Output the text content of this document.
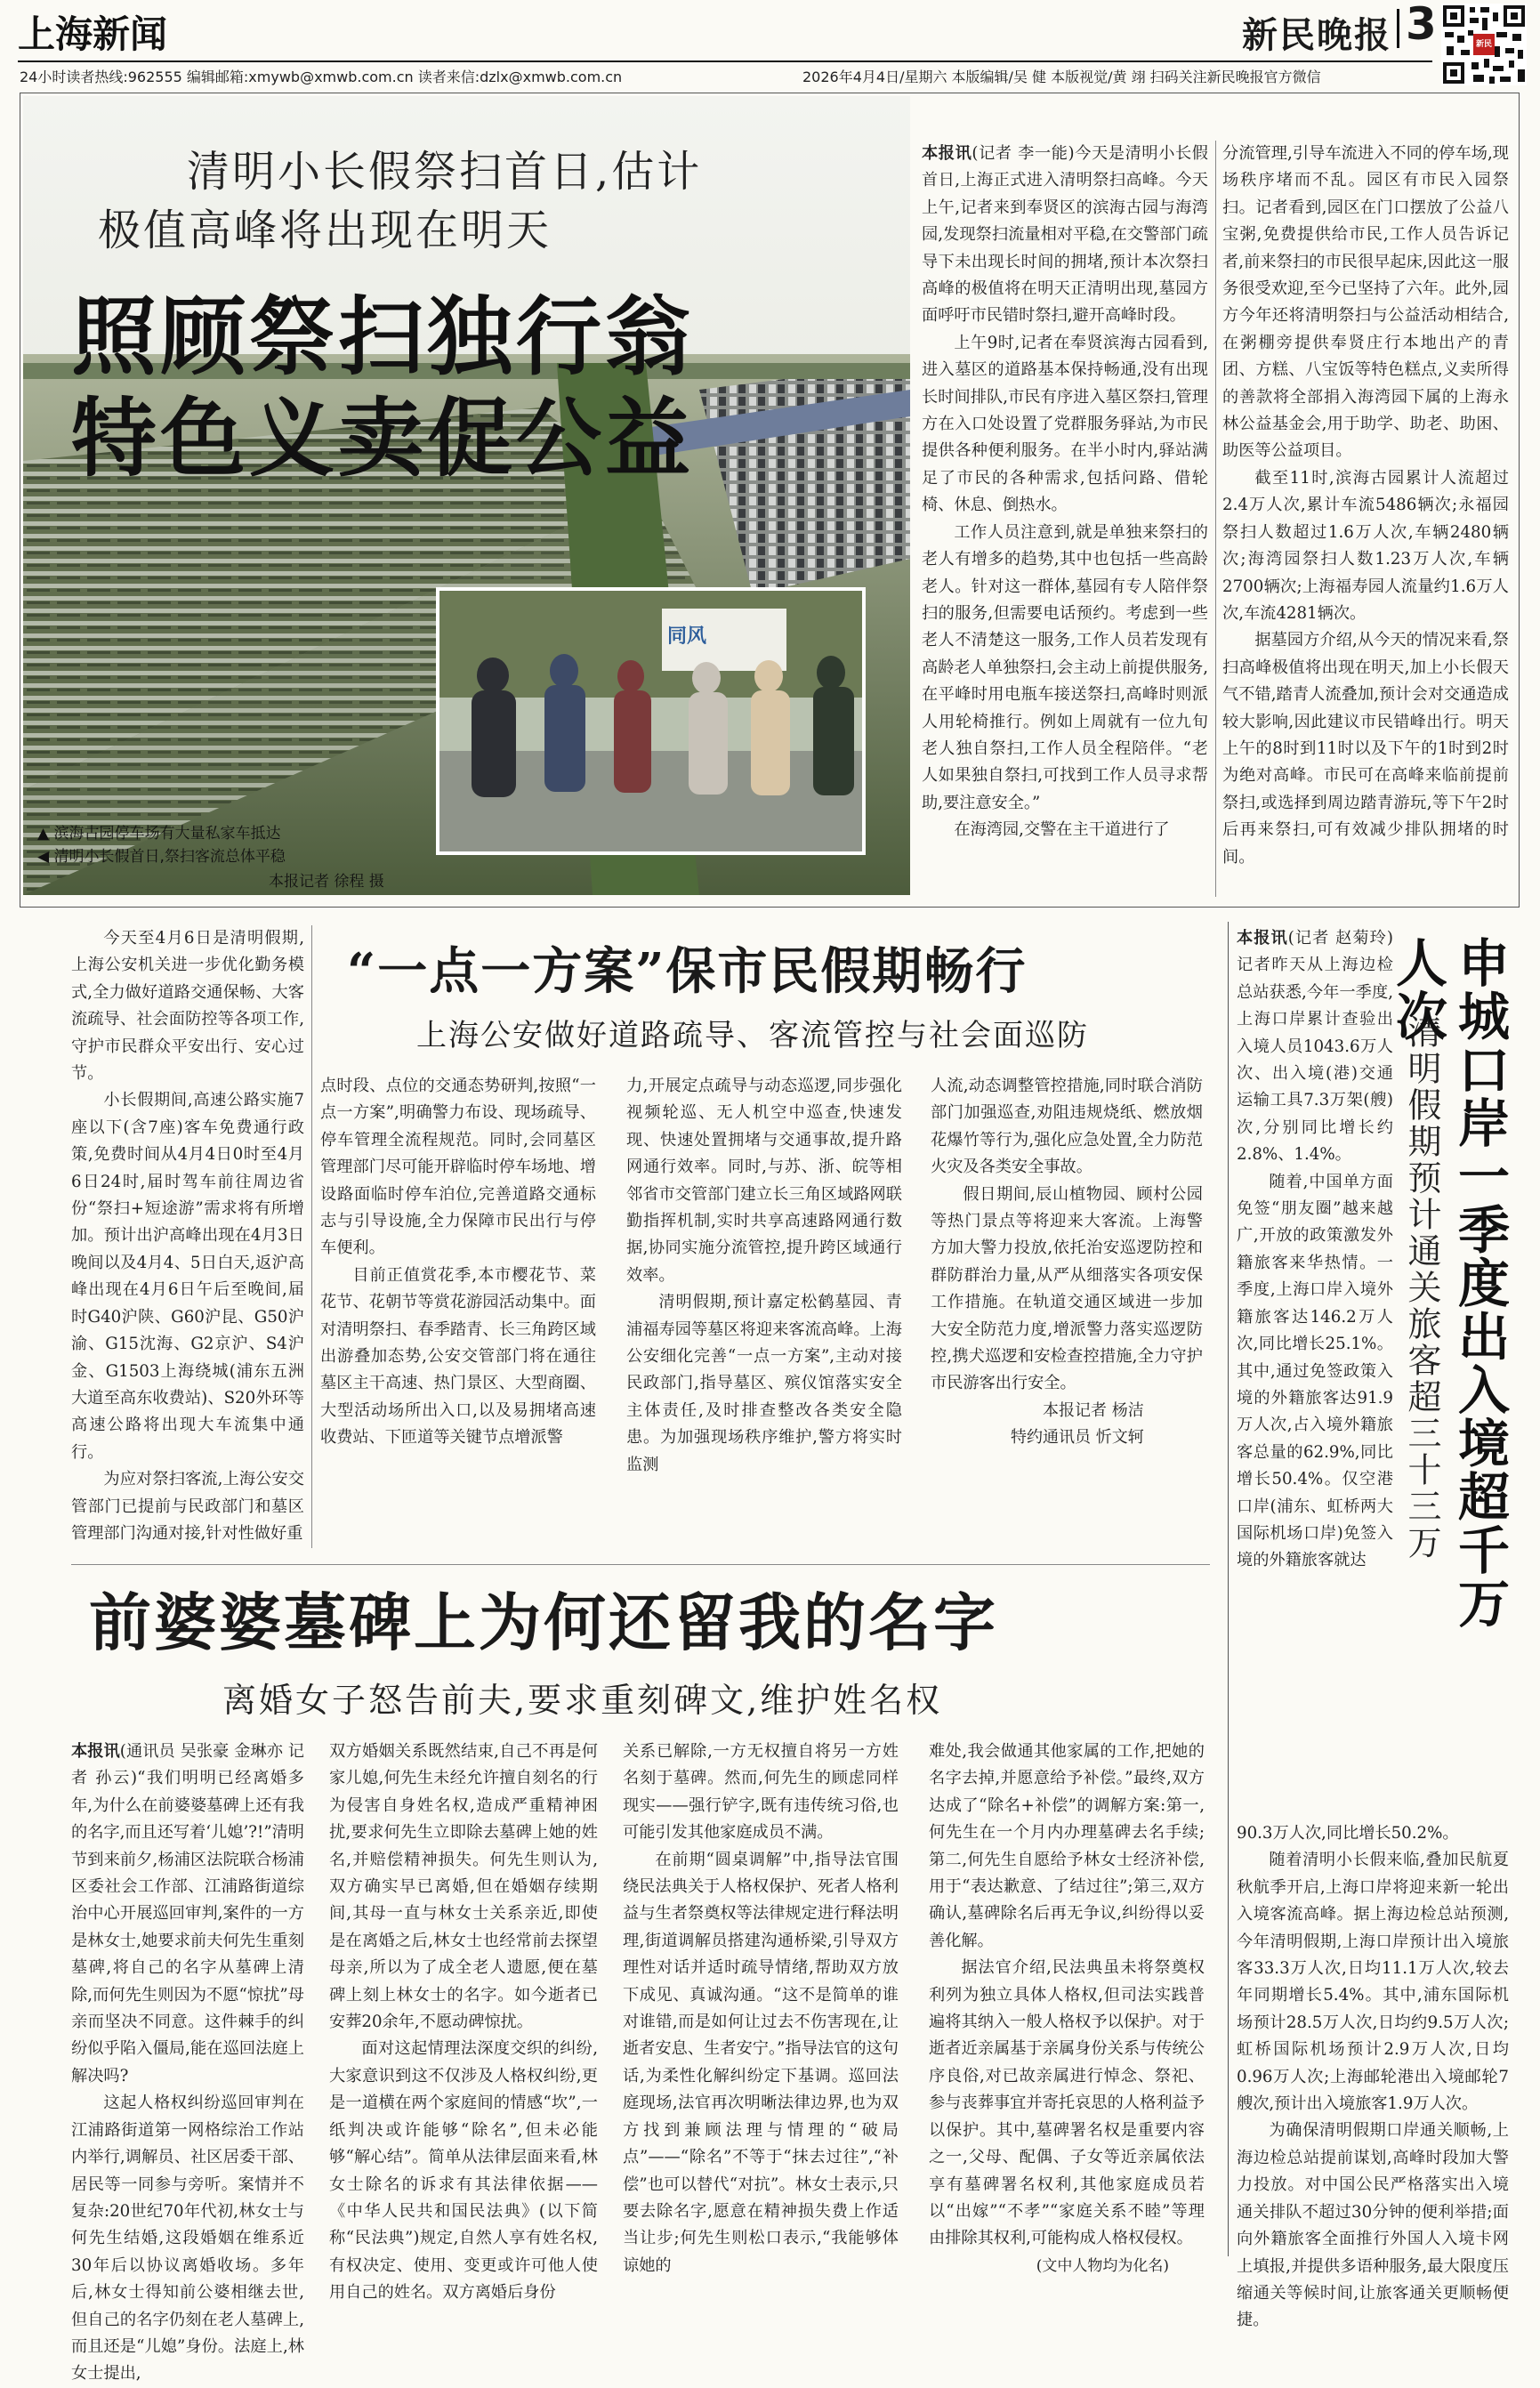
上海新闻	新民晚报 3	新民
24小时读者热线:962555 编辑邮箱:xmywb@xmwb.com.cn 读者来信:dzlx@xmwb.com.cn	2026年4月4日/星期六 本版编辑/吴 健 本版视觉/黄 翊 扫码关注新民晚报官方微信
清明小长假祭扫首日,估计
极值高峰将出现在明天
照顾祭扫独行翁
特色义卖促公益
同风
▲ 滨海古园停车场有大量私家车抵达
◀ 清明小长假首日,祭扫客流总体平稳
本报记者 徐程 摄

本报讯(记者 李一能)今天是清明小长假首日,上海正式进入清明祭扫高峰。今天上午,记者来到奉贤区的滨海古园与海湾园,发现祭扫流量相对平稳,在交警部门疏导下未出现长时间的拥堵,预计本次祭扫高峰的极值将在明天正清明出现,墓园方面呼吁市民错时祭扫,避开高峰时段。

上午9时,记者在奉贤滨海古园看到,进入墓区的道路基本保持畅通,没有出现长时间排队,市民有序进入墓区祭扫,管理方在入口处设置了党群服务驿站,为市民提供各种便利服务。在半小时内,驿站满足了市民的各种需求,包括问路、借轮椅、休息、倒热水。

工作人员注意到,就是单独来祭扫的老人有增多的趋势,其中也包括一些高龄老人。针对这一群体,墓园有专人陪伴祭扫的服务,但需要电话预约。考虑到一些老人不清楚这一服务,工作人员若发现有高龄老人单独祭扫,会主动上前提供服务,在平峰时用电瓶车接送祭扫,高峰时则派人用轮椅推行。例如上周就有一位九旬老人独自祭扫,工作人员全程陪伴。“老人如果独自祭扫,可找到工作人员寻求帮助,要注意安全。”

在海湾园,交警在主干道进行了

分流管理,引导车流进入不同的停车场,现场秩序堵而不乱。园区有市民入园祭扫。记者看到,园区在门口摆放了公益八宝粥,免费提供给市民,工作人员告诉记者,前来祭扫的市民很早起床,因此这一服务很受欢迎,至今已坚持了六年。此外,园方今年还将清明祭扫与公益活动相结合,在粥棚旁提供奉贤庄行本地出产的青团、方糕、八宝饭等特色糕点,义卖所得的善款将全部捐入海湾园下属的上海永林公益基金会,用于助学、助老、助困、助医等公益项目。

截至11时,滨海古园累计人流超过2.4万人次,累计车流5486辆次;永福园祭扫人数超过1.6万人次,车辆2480辆次;海湾园祭扫人数1.23万人次,车辆2700辆次;上海福寿园人流量约1.6万人次,车流4281辆次。

据墓园方介绍,从今天的情况来看,祭扫高峰极值将出现在明天,加上小长假天气不错,踏青人流叠加,预计会对交通造成较大影响,因此建议市民错峰出行。明天上午的8时到11时以及下午的1时到2时为绝对高峰。市民可在高峰来临前提前祭扫,或选择到周边踏青游玩,等下午2时后再来祭扫,可有效减少排队拥堵的时间。

“一点一方案”保市民假期畅行
上海公安做好道路疏导、客流管控与社会面巡防

今天至4月6日是清明假期,上海公安机关进一步优化勤务模式,全力做好道路交通保畅、大客流疏导、社会面防控等各项工作,守护市民群众平安出行、安心过节。

小长假期间,高速公路实施7座以下(含7座)客车免费通行政策,免费时间从4月4日0时至4月6日24时,届时驾车前往周边省份“祭扫+短途游”需求将有所增加。预计出沪高峰出现在4月3日晚间以及4月4、5日白天,返沪高峰出现在4月6日午后至晚间,届时G40沪陕、G60沪昆、G50沪渝、G15沈海、G2京沪、S4沪金、G1503上海绕城(浦东五洲大道至高东收费站)、S20外环等高速公路将出现大车流集中通行。

为应对祭扫客流,上海公安交管部门已提前与民政部门和墓区管理部门沟通对接,针对性做好重

点时段、点位的交通态势研判,按照“一点一方案”,明确警力布设、现场疏导、停车管理全流程规范。同时,会同墓区管理部门尽可能开辟临时停车场地、增设路面临时停车泊位,完善道路交通标志与引导设施,全力保障市民出行与停车便利。

目前正值赏花季,本市樱花节、菜花节、花朝节等赏花游园活动集中。面对清明祭扫、春季踏青、长三角跨区域出游叠加态势,公安交管部门将在通往墓区主干高速、热门景区、大型商圈、大型活动场所出入口,以及易拥堵高速收费站、下匝道等关键节点增派警

力,开展定点疏导与动态巡逻,同步强化视频轮巡、无人机空中巡查,快速发现、快速处置拥堵与交通事故,提升路网通行效率。同时,与苏、浙、皖等相邻省市交管部门建立长三角区域路网联勤指挥机制,实时共享高速路网通行数据,协同实施分流管控,提升跨区域通行效率。

清明假期,预计嘉定松鹤墓园、青浦福寿园等墓区将迎来客流高峰。上海公安细化完善“一点一方案”,主动对接民政部门,指导墓区、殡仪馆落实安全主体责任,及时排查整改各类安全隐患。为加强现场秩序维护,警方将实时监测

人流,动态调整管控措施,同时联合消防部门加强巡查,劝阻违规烧纸、燃放烟花爆竹等行为,强化应急处置,全力防范火灾及各类安全事故。

假日期间,辰山植物园、顾村公园等热门景点等将迎来大客流。上海警方加大警力投放,依托治安巡逻防控和群防群治力量,从严从细落实各项安保工作措施。在轨道交通区域进一步加大安全防范力度,增派警力落实巡逻防控,携犬巡逻和安检查控措施,全力守护市民游客出行安全。

本报记者 杨洁
特约通讯员 忻文轲
前婆婆墓碑上为何还留我的名字
离婚女子怒告前夫,要求重刻碑文,维护姓名权

本报讯(通讯员 吴张豪 金琳亦 记者 孙云)“我们明明已经离婚多年,为什么在前婆婆墓碑上还有我的名字,而且还写着‘儿媳’?!”清明节到来前夕,杨浦区法院联合杨浦区委社会工作部、江浦路街道综治中心开展巡回审判,案件的一方是林女士,她要求前夫何先生重刻墓碑,将自己的名字从墓碑上清除,而何先生则因为不愿“惊扰”母亲而坚决不同意。这件棘手的纠纷似乎陷入僵局,能在巡回法庭上解决吗?

这起人格权纠纷巡回审判在江浦路街道第一网格综治工作站内举行,调解员、社区居委干部、居民等一同参与旁听。案情并不复杂:20世纪70年代初,林女士与何先生结婚,这段婚姻在维系近30年后以协议离婚收场。多年后,林女士得知前公婆相继去世,但自己的名字仍刻在老人墓碑上,而且还是“儿媳”身份。法庭上,林女士提出,

双方婚姻关系既然结束,自己不再是何家儿媳,何先生未经允许擅自刻名的行为侵害自身姓名权,造成严重精神困扰,要求何先生立即除去墓碑上她的姓名,并赔偿精神损失。何先生则认为,双方确实早已离婚,但在婚姻存续期间,其母一直与林女士关系亲近,即使是在离婚之后,林女士也经常前去探望母亲,所以为了成全老人遗愿,便在墓碑上刻上林女士的名字。如今逝者已安葬20余年,不愿动碑惊扰。

面对这起情理法深度交织的纠纷,大家意识到这不仅涉及人格权纠纷,更是一道横在两个家庭间的情感“坎”,一纸判决或许能够“除名”,但未必能够“解心结”。简单从法律层面来看,林女士除名的诉求有其法律依据——《中华人民共和国民法典》(以下简称“民法典”)规定,自然人享有姓名权,有权决定、使用、变更或许可他人使用自己的姓名。双方离婚后身份

关系已解除,一方无权擅自将另一方姓名刻于墓碑。然而,何先生的顾虑同样现实——强行铲字,既有违传统习俗,也可能引发其他家庭成员不满。

在前期“圆桌调解”中,指导法官围绕民法典关于人格权保护、死者人格利益与生者祭奠权等法律规定进行释法明理,街道调解员搭建沟通桥梁,引导双方理性对话并适时疏导情绪,帮助双方放下成见、真诚沟通。“这不是简单的谁对谁错,而是如何让过去不伤害现在,让逝者安息、生者安宁。”指导法官的这句话,为柔性化解纠纷定下基调。巡回法庭现场,法官再次明晰法律边界,也为双方找到兼顾法理与情理的“破局点”——“除名”不等于“抹去过往”,“补偿”也可以替代“对抗”。林女士表示,只要去除名字,愿意在精神损失费上作适当让步;何先生则松口表示,“我能够体谅她的

难处,我会做通其他家属的工作,把她的名字去掉,并愿意给予补偿。”最终,双方达成了“除名+补偿”的调解方案:第一,何先生在一个月内办理墓碑去名手续;第二,何先生自愿给予林女士经济补偿,用于“表达歉意、了结过往”;第三,双方确认,墓碑除名后再无争议,纠纷得以妥善化解。

据法官介绍,民法典虽未将祭奠权利列为独立具体人格权,但司法实践普遍将其纳入一般人格权予以保护。对于逝者近亲属基于亲属身份关系与传统公序良俗,对已故亲属进行悼念、祭祀、参与丧葬事宜并寄托哀思的人格利益予以保护。其中,墓碑署名权是重要内容之一,父母、配偶、子女等近亲属依法享有墓碑署名权利,其他家庭成员若以“出嫁”“不孝”“家庭关系不睦”等理由排除其权利,可能构成人格权侵权。

(文中人物均为化名)

本报讯(记者 赵菊玲)记者昨天从上海边检总站获悉,今年一季度,上海口岸累计查验出入境人员1043.6万人次、出入境(港)交通运输工具7.3万架(艘)次,分别同比增长约2.8%、1.4%。

随着,中国单方面免签“朋友圈”越来越广,开放的政策激发外籍旅客来华热情。一季度,上海口岸入境外籍旅客达146.2万人次,同比增长25.1%。其中,通过免签政策入境的外籍旅客达91.9万人次,占入境外籍旅客总量的62.9%,同比增长50.4%。仅空港口岸(浦东、虹桥两大国际机场口岸)免签入境的外籍旅客就达	清明假期预计通关旅客超三十三万 申城口岸一季度出入境超千万人次

90.3万人次,同比增长50.2%。

随着清明小长假来临,叠加民航夏秋航季开启,上海口岸将迎来新一轮出入境客流高峰。据上海边检总站预测,今年清明假期,上海口岸预计出入境旅客33.3万人次,日均11.1万人次,较去年同期增长5.4%。其中,浦东国际机场预计28.5万人次,日均约9.5万人次;虹桥国际机场预计2.9万人次,日均0.96万人次;上海邮轮港出入境邮轮7艘次,预计出入境旅客1.9万人次。

为确保清明假期口岸通关顺畅,上海边检总站提前谋划,高峰时段加大警力投放。对中国公民严格落实出入境通关排队不超过30分钟的便利举措;面向外籍旅客全面推行外国人入境卡网上填报,并提供多语种服务,最大限度压缩通关等候时间,让旅客通关更顺畅便捷。
